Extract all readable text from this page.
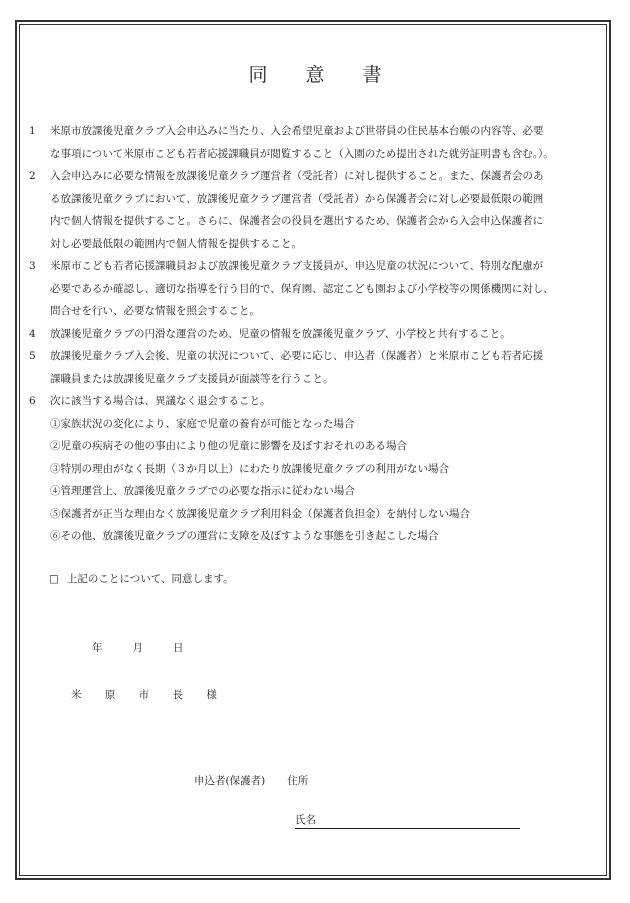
同 意 書
1	米原市放課後児童クラブ入会申込みに当たり、入会希望児童および世帯員の住民基本台帳の内容等、必要
な事項について米原市こども若者応援課職員が閲覧すること（入園のため提出された就労証明書も含む。）。
2	入会申込みに必要な情報を放課後児童クラブ運営者（受託者）に対し提供すること。また、保護者会のあ
る放課後児童クラブにおいて、放課後児童クラブ運営者（受託者）から保護者会に対し必要最低限の範囲
内で個人情報を提供すること。さらに、保護者会の役員を選出するため、保護者会から入会申込保護者に
対し必要最低限の範囲内で個人情報を提供すること。
3	米原市こども若者応援課職員および放課後児童クラブ支援員が、申込児童の状況について、特別な配慮が
必要であるか確認し、適切な指導を行う目的で、保育園、認定こども園および小学校等の関係機関に対し、
問合せを行い、必要な情報を照会すること。
4	放課後児童クラブの円滑な運営のため、児童の情報を放課後児童クラブ、小学校と共有すること。
5	放課後児童クラブ入会後、児童の状況について、必要に応じ、申込者（保護者）と米原市こども若者応援
課職員または放課後児童クラブ支援員が面談等を行うこと。
6	次に該当する場合は、異議なく退会すること。
①家族状況の変化により、家庭で児童の養育が可能となった場合
②児童の疾病その他の事由により他の児童に影響を及ぼすおそれのある場合
③特別の理由がなく長期（３か月以上）にわたり放課後児童クラブの利用がない場合
④管理運営上、放課後児童クラブでの必要な指示に従わない場合
⑤保護者が正当な理由なく放課後児童クラブ利用料金（保護者負担金）を納付しない場合
⑥その他、放課後児童クラブの運営に支障を及ぼすような事態を引き起こした場合
□ 上記のことについて、同意します。
年	月	日
米 原 市 長 様
申込者(保護者) 住所
氏名
